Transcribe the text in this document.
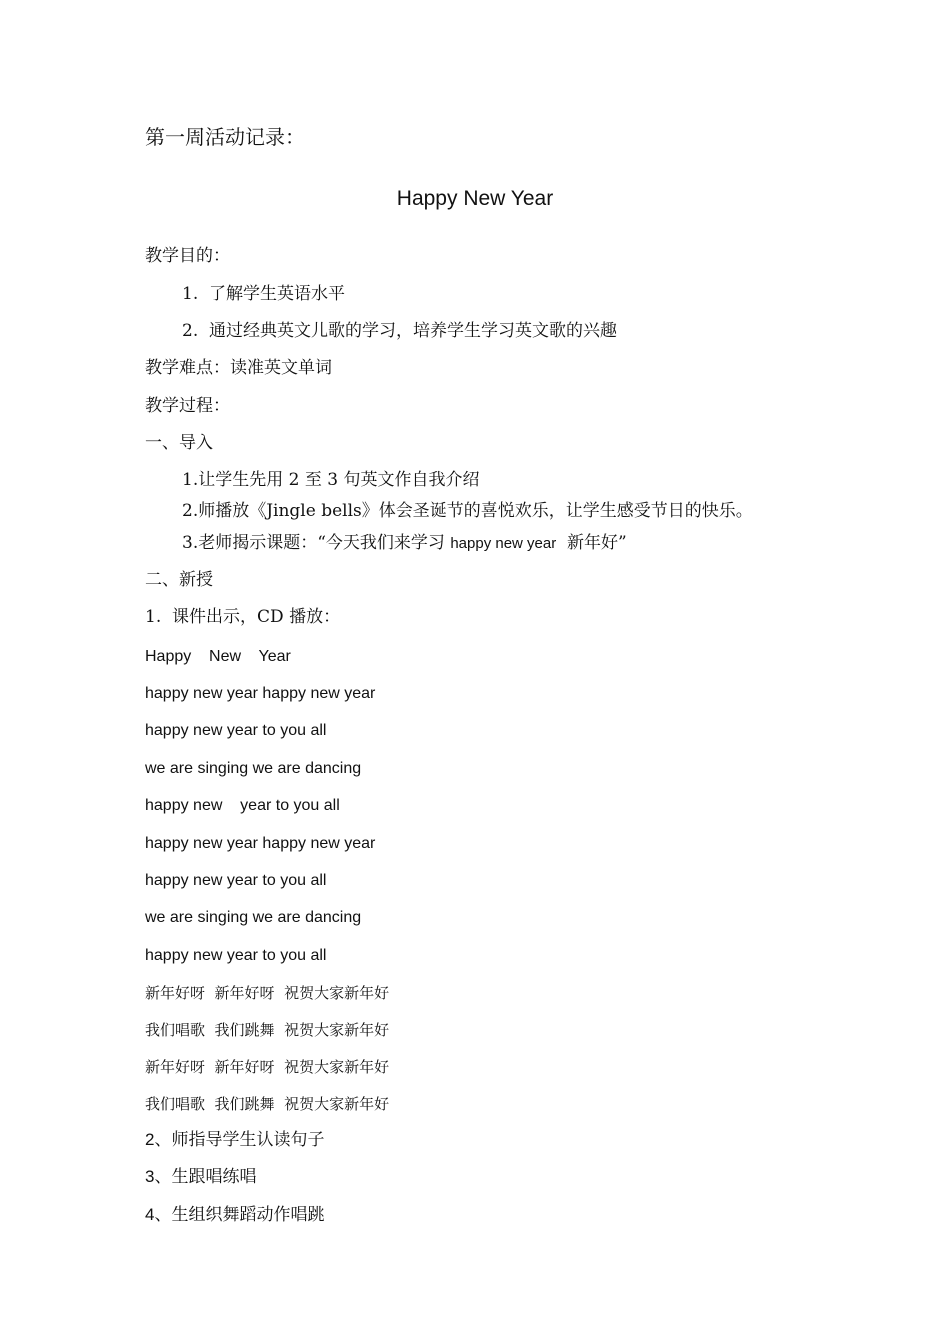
第一周活动记录：
Happy New Year
教学目的：
1.  了解学生英语水平
2.  通过经典英文儿歌的学习，培养学生学习英文歌的兴趣
教学难点：读准英文单词
教学过程：
一、导入
1.让学生先用 2 至 3 句英文作自我介绍
2.师播放《Jingle bells》体会圣诞节的喜悦欢乐，让学生感受节日的快乐。
3.老师揭示课题：“今天我们来学习 happy new year  新年好”
二、新授
1.  课件出示，CD 播放：
Happy    New    Year
happy new year happy new year
happy new year to you all
we are singing we are dancing
happy new    year to you all
happy new year happy new year
happy new year to you all
we are singing we are dancing
happy new year to you all
新年好呀  新年好呀  祝贺大家新年好
我们唱歌  我们跳舞  祝贺大家新年好
新年好呀  新年好呀  祝贺大家新年好
我们唱歌  我们跳舞  祝贺大家新年好
2、师指导学生认读句子
3、生跟唱练唱
4、生组织舞蹈动作唱跳
